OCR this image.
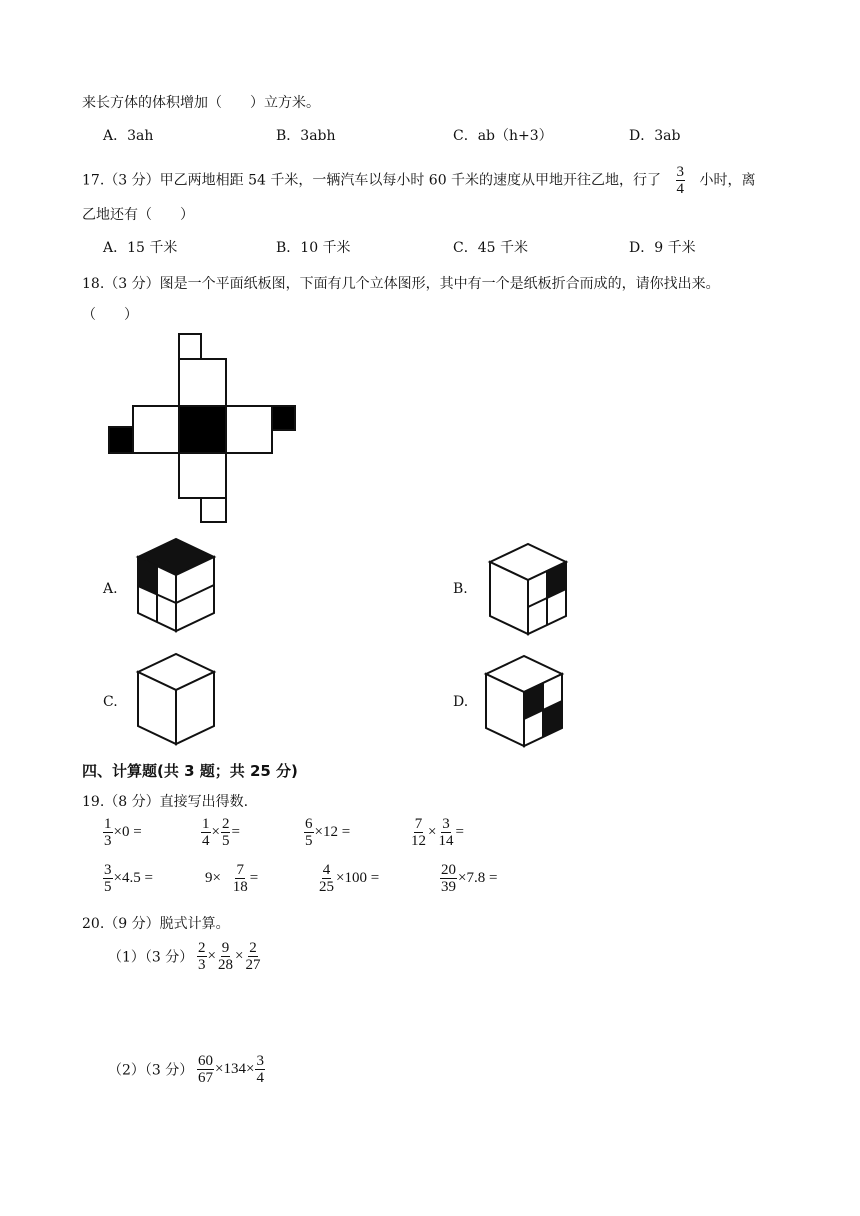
来长方体的体积增加（　　）立方米。
A．3ah	B．3abh	C．ab（h+3）	D．3ab
17.（3 分）甲乙两地相距 54 千米，一辆汽车以每小时 60 千米的速度从甲地开往乙地，行了 $\frac{3}{4}$ 小时，离
乙地还有（　　）
A．15 千米	B．10 千米	C．45 千米	D．9 千米
18.（3 分）图是一个平面纸板图，下面有几个立体图形，其中有一个是纸板折合而成的，请你找出来。
（　　）
A.	B.
C.	D.
四、计算题(共 3 题；共 25 分)
19.（8 分）直接写出得数.
$\frac{1}{3} \times 0$ =	$\frac{1}{4} \times \frac{2}{5}$ =	$\frac{6}{5} \times 12$ =	$\frac{7}{12} \times \frac{3}{14}$ =
$\frac{3}{5} \times 4.5$ =	$9\times \frac{7}{18}$ =	$\frac{4}{25} \times 100$ =	$\frac{20}{39} \times 7.8$ =
20.（9 分）脱式计算。
（1）（3 分） $\frac{2}{3} \times \frac{9}{28} \times \frac{2}{27}$
（2）（3 分） $\frac{60}{67} \times 134\times \frac{3}{4}$
